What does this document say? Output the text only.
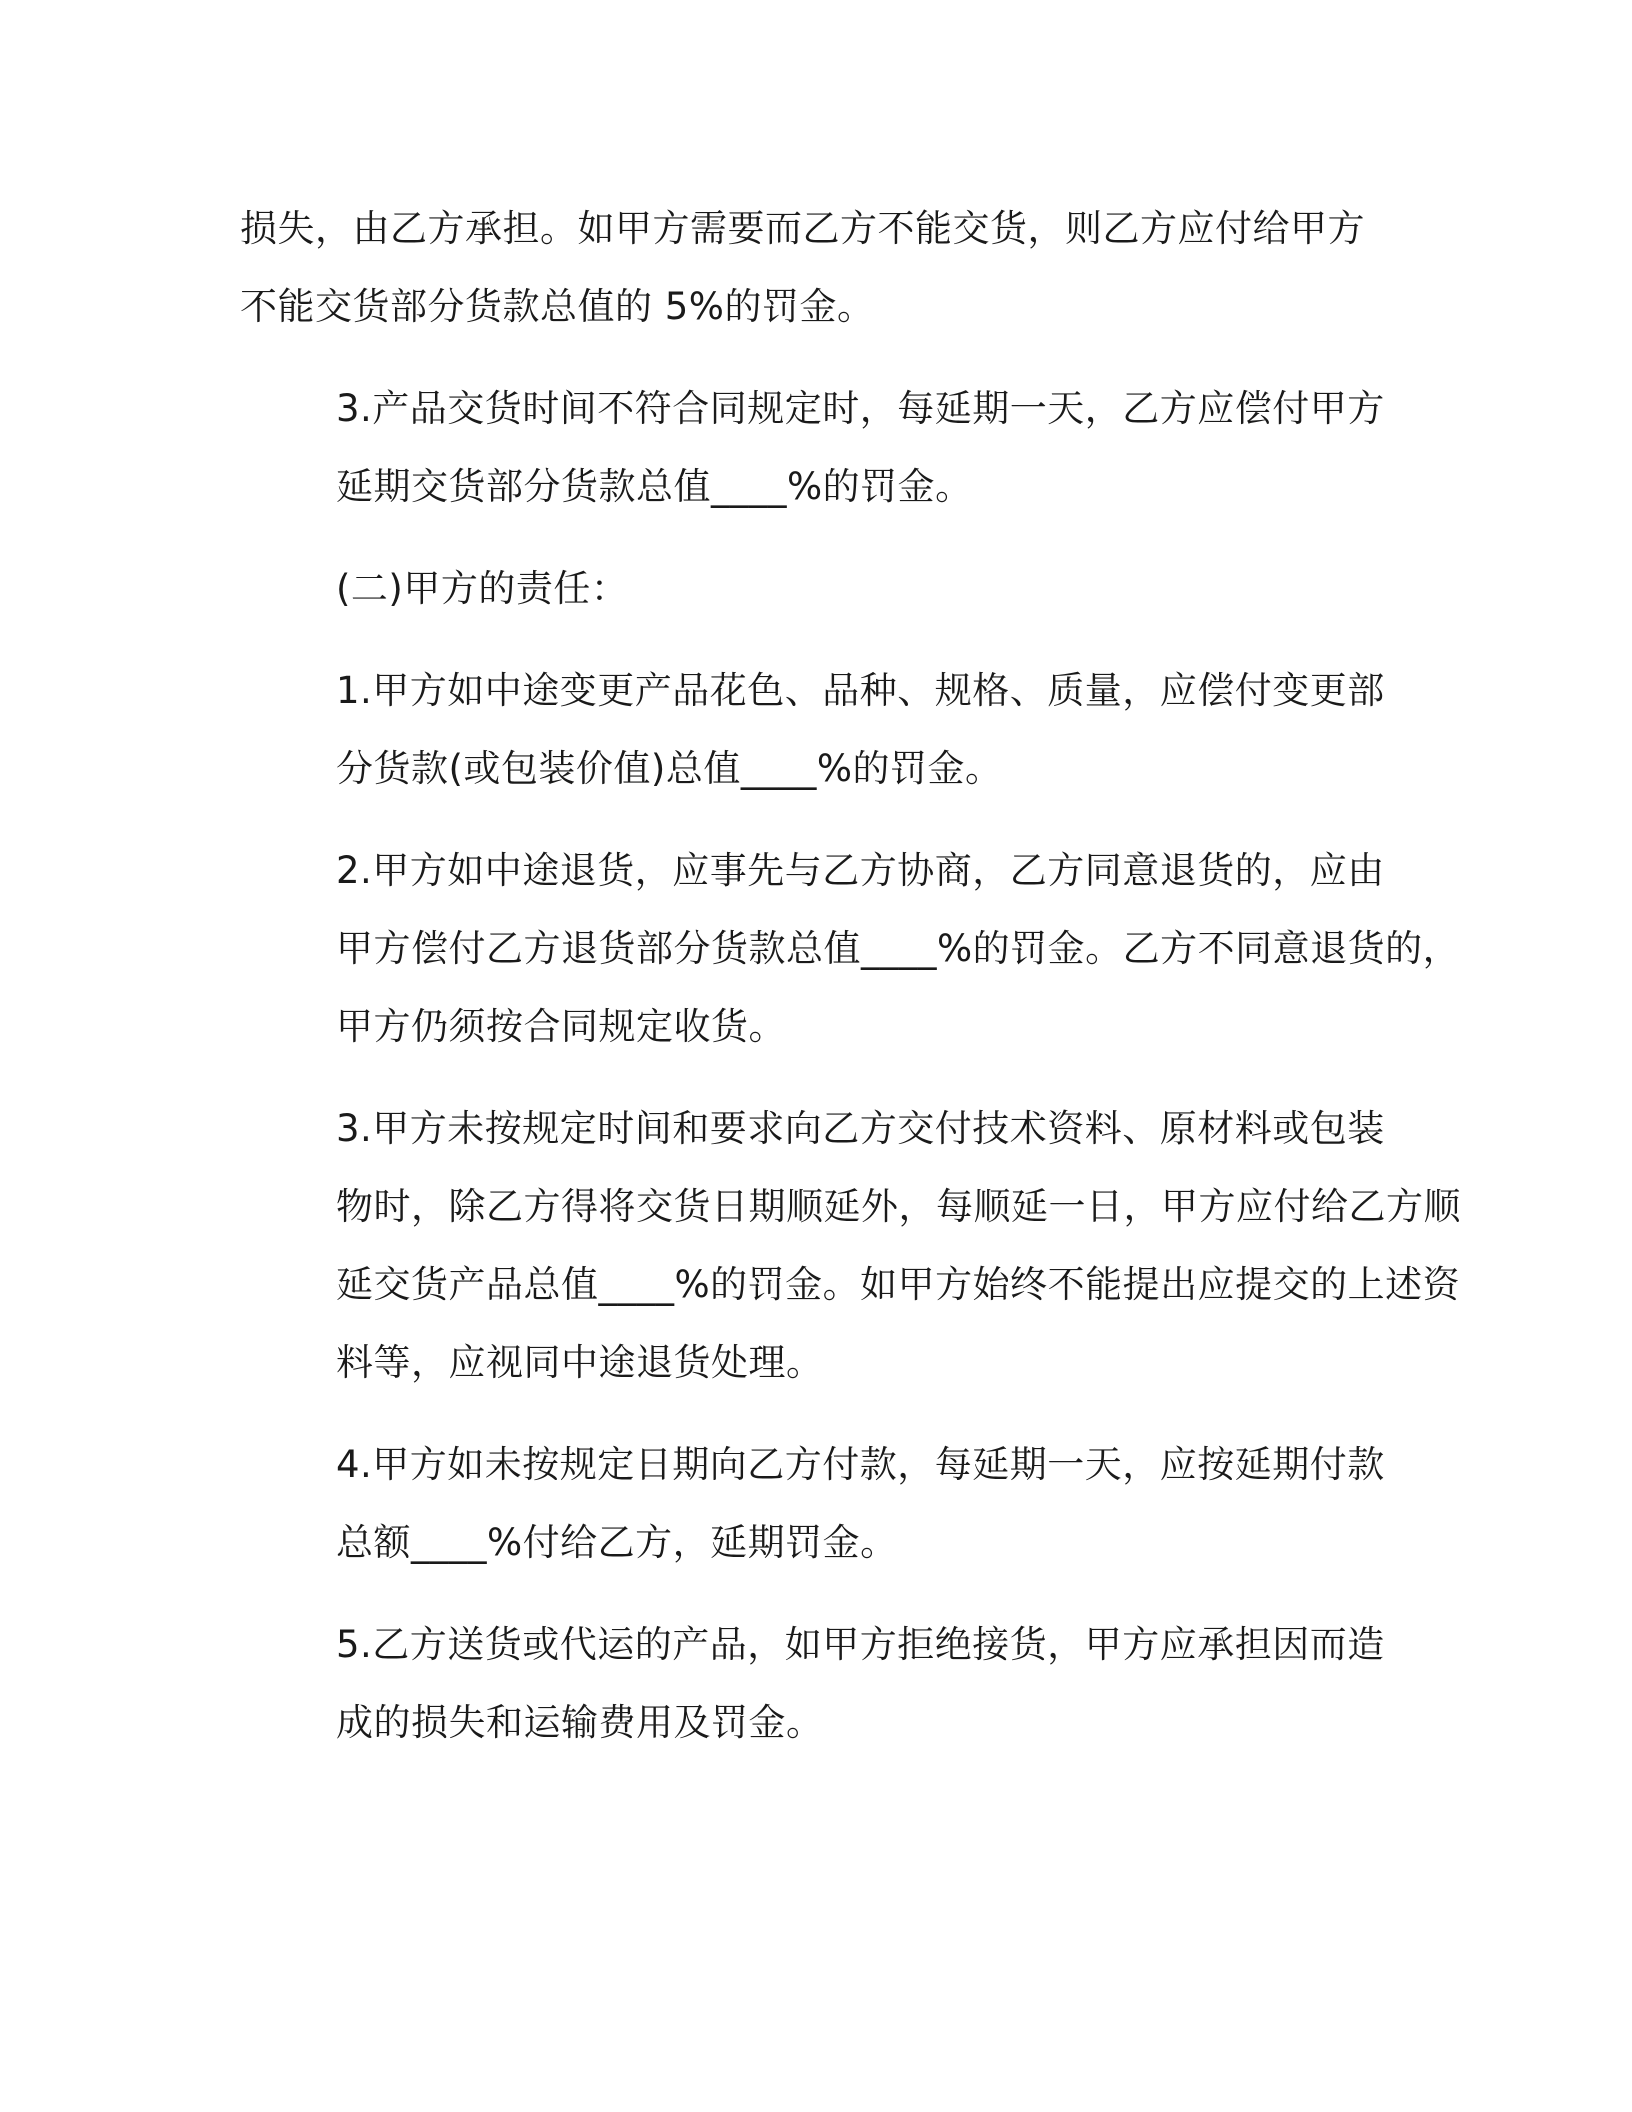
损失，由乙方承担。如甲方需要而乙方不能交货，则乙方应付给甲方
不能交货部分货款总值的 5%的罚金。

3.产品交货时间不符合同规定时，每延期一天，乙方应偿付甲方
延期交货部分货款总值____%的罚金。

(二)甲方的责任：

1.甲方如中途变更产品花色、品种、规格、质量，应偿付变更部
分货款(或包装价值)总值____%的罚金。

2.甲方如中途退货，应事先与乙方协商，乙方同意退货的，应由
甲方偿付乙方退货部分货款总值____%的罚金。乙方不同意退货的，
甲方仍须按合同规定收货。

3.甲方未按规定时间和要求向乙方交付技术资料、原材料或包装
物时，除乙方得将交货日期顺延外，每顺延一日，甲方应付给乙方顺
延交货产品总值____%的罚金。如甲方始终不能提出应提交的上述资
料等，应视同中途退货处理。

4.甲方如未按规定日期向乙方付款，每延期一天，应按延期付款
总额____%付给乙方，延期罚金。

5.乙方送货或代运的产品，如甲方拒绝接货，甲方应承担因而造
成的损失和运输费用及罚金。
